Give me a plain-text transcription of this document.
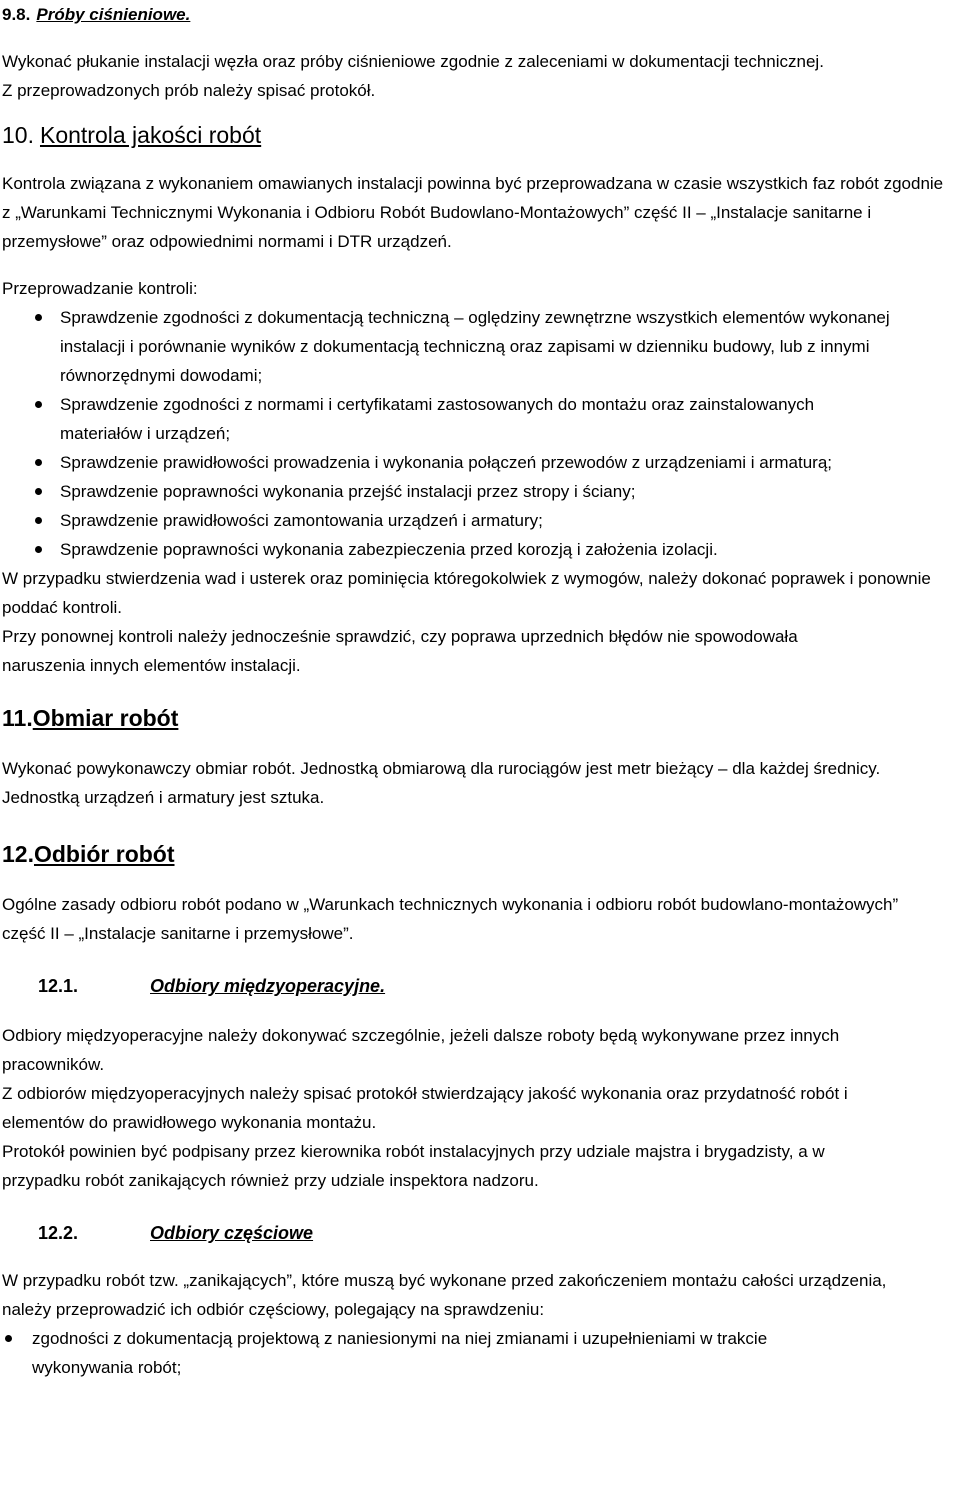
9.8. Próby ciśnieniowe.

Wykonać płukanie instalacji węzła oraz próby ciśnieniowe zgodnie z zaleceniami w dokumentacji technicznej. Z przeprowadzonych prób należy spisać protokół.

10. Kontrola jakości robót

Kontrola związana z wykonaniem omawianych instalacji powinna być przeprowadzana w czasie wszystkich faz robót zgodnie z „Warunkami Technicznymi Wykonania i Odbioru Robót Budowlano-Montażowych” część II – „Instalacje sanitarne i przemysłowe” oraz odpowiednimi normami i DTR urządzeń.

Przeprowadzanie kontroli:

Sprawdzenie zgodności z dokumentacją techniczną – oględziny zewnętrzne wszystkich elementów wykonanej instalacji i porównanie wyników z dokumentacją techniczną oraz zapisami w dzienniku budowy, lub z innymi równorzędnymi dowodami;
Sprawdzenie zgodności z normami i certyfikatami zastosowanych do montażu oraz zainstalowanych materiałów i urządzeń;
Sprawdzenie prawidłowości prowadzenia i wykonania połączeń przewodów z urządzeniami i armaturą;
Sprawdzenie poprawności wykonania przejść instalacji przez stropy i ściany;
Sprawdzenie prawidłowości zamontowania urządzeń i armatury;
Sprawdzenie poprawności wykonania zabezpieczenia przed korozją i założenia izolacji.

W przypadku stwierdzenia wad i usterek oraz pominięcia któregokolwiek z wymogów, należy dokonać poprawek i ponownie poddać kontroli.

Przy ponownej kontroli należy jednocześnie sprawdzić, czy poprawa uprzednich błędów nie spowodowała naruszenia innych elementów instalacji.

11.Obmiar robót

Wykonać powykonawczy obmiar robót. Jednostką obmiarową dla rurociągów jest metr bieżący – dla każdej średnicy. Jednostką urządzeń i armatury jest sztuka.

12.Odbiór robót

Ogólne zasady odbioru robót podano w „Warunkach technicznych wykonania i odbioru robót budowlano-montażowych” część II – „Instalacje sanitarne i przemysłowe”.

12.1.	Odbiory międzyoperacyjne.

Odbiory międzyoperacyjne należy dokonywać szczególnie, jeżeli dalsze roboty będą wykonywane przez innych pracowników.

Z odbiorów międzyoperacyjnych należy spisać protokół stwierdzający jakość wykonania oraz przydatność robót i elementów do prawidłowego wykonania montażu.

Protokół powinien być podpisany przez kierownika robót instalacyjnych przy udziale majstra i brygadzisty, a w przypadku robót zanikających również przy udziale inspektora nadzoru.

12.2.	Odbiory częściowe

W przypadku robót tzw. „zanikających”, które muszą być wykonane przed zakończeniem montażu całości urządzenia, należy przeprowadzić ich odbiór częściowy, polegający na sprawdzeniu:

zgodności z dokumentacją projektową z naniesionymi na niej zmianami i uzupełnieniami w trakcie wykonywania robót;
